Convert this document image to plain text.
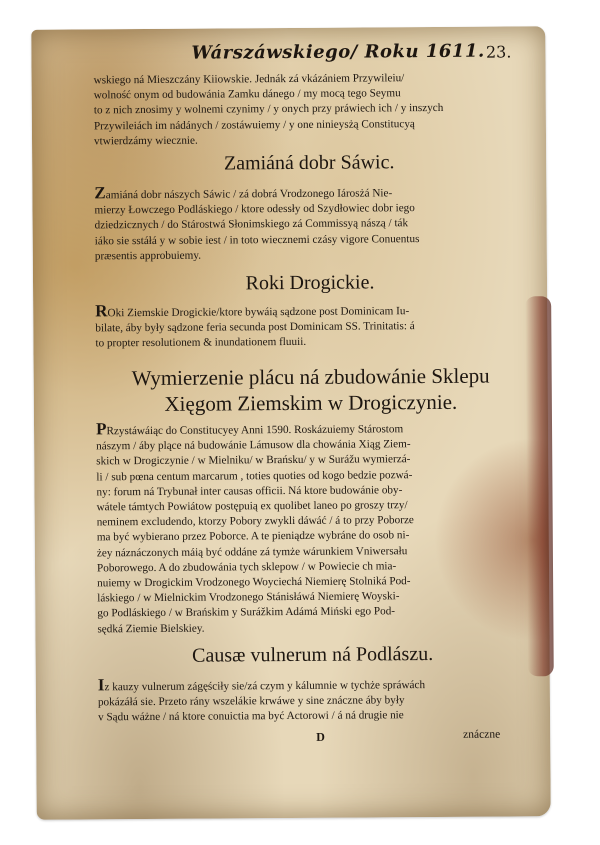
Wárszáwskiego/ Roku 1611. 23.
wskiego ná Mieszczány Kiiowskie. Jednák zá vkázániem Przywileiu/
wolność onym od budowánia Zamku dánego / my mocą tego Seymu
to z nich znosimy y wolnemi czynimy / y onych przy práwiech ich / y inszych
Przywileiách im nádánych / zostáwuiemy / y one ninieysżą Constitucyą
vtwierdzámy wiecznie.
Zamiáná dobr Sáwic.
Zamiáná dobr nászych Sáwic / zá dobrá Vrodzonego Iárosżá Nie-
mierzy Łowczego Podláskiego / ktore odessły od Szydłowiec dobr iego
dziedzicznych / do Stárostwá Słonimskiego zá Commissyą nászą / ták
iáko sie sstáłá y w sobie iest / in toto wiecznemi czásy vigore Conuentus
præsentis approbuiemy.
Roki Drogickie.
ROki Ziemskie Drogickie/ktore bywáią sądzone post Dominicam Iu-
bilate, áby były sądzone feria secunda post Dominicam SS. Trinitatis: á
to propter resolutionem & inundationem fluuii.
Wymierzenie plácu ná zbudowánie Sklepu
Xięgom Ziemskim w Drogiczynie.
PRzystáwáiąc do Constitucyey Anni 1590. Roskázuiemy Stárostom
nászym / áby plące ná budowánie Lámusow dla chowánia Xiąg Ziem-
skich w Drogiczynie / w Mielniku/ w Brańsku/ y w Surážu wymierzá-
li / sub pœna centum marcarum , toties quoties od kogo bedzie pozwá-
ny: forum ná Trybunał inter causas officii. Ná ktore budowánie oby-
wátele támtych Powiátow postępuią ex quolibet laneo po groszy trzy/
neminem excludendo, ktorzy Pobory zwykli dáwáć / á to przy Poborze
ma być wybierano przez Poborce. A te pieniądze wybráne do osob ni-
żey náznáczonych máią być oddáne zá tymże wárunkiem Vniwersału
Poborowego. A do zbudowánia tych sklepow / w Powiecie ch mia-
nuiemy w Drogickim Vrodzonego Woyciechá Niemierę Stolniká Pod-
láskiego / w Mielnickim Vrodzonego Stánisłáwá Niemierę Woyski-
go Podláskiego / w Brańskim y Surážkim Adámá Miński ego Pod-
sędká Ziemie Bielskiey.
Causæ vulnerum ná Podlászu.
Iz kauzy vulnerum zágęściły sie/zá czym y kálumnie w tychże spráwách
pokázáłá sie. Przeto rány wszelákie krwáwe y sine znáczne áby były
v Sądu wáżne / ná ktore conuictia ma być Actorowi / á ná drugie nie
D	znáczne
